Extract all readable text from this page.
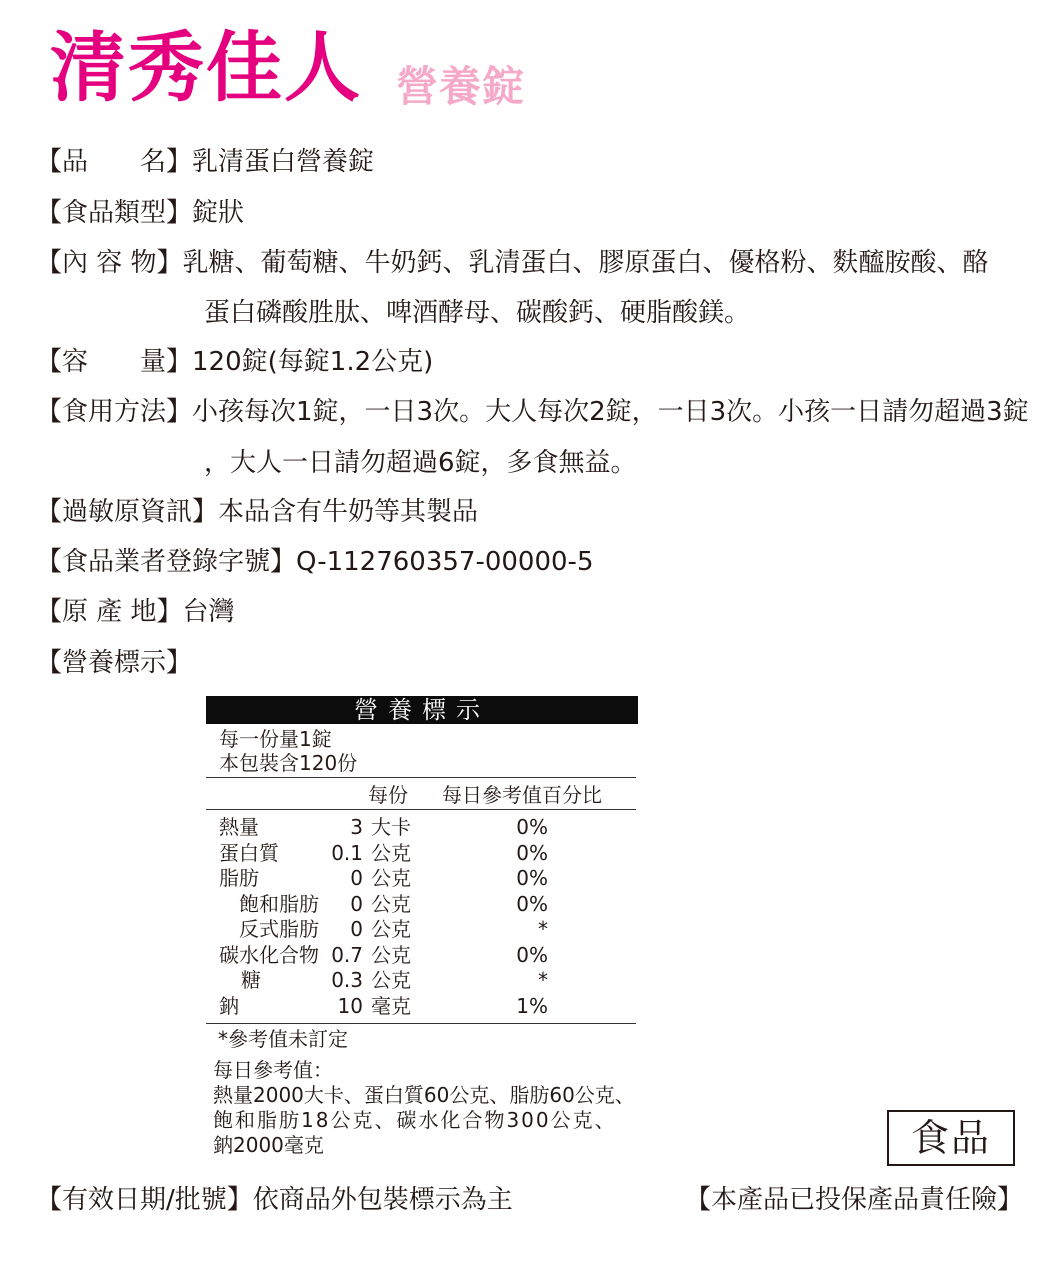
清秀佳人 營養錠
【品　　名】乳清蛋白營養錠
【食品類型】錠狀
【內 容 物】乳糖、葡萄糖、牛奶鈣、乳清蛋白、膠原蛋白、優格粉、麩醯胺酸、酪
蛋白磷酸胜肽、啤酒酵母、碳酸鈣、硬脂酸鎂。
【容　　量】120錠(每錠1.2公克)
【食用方法】小孩每次1錠，一日3次。大人每次2錠，一日3次。小孩一日請勿超過3錠
，大人一日請勿超過6錠，多食無益。
【過敏原資訊】本品含有牛奶等其製品
【食品業者登錄字號】Q-112760357-00000-5
【原 產 地】台灣
【營養標示】
營養標示
每一份量1錠
本包裝含120份
每份 每日參考值百分比
熱量	3 大卡	0%
蛋白質	0.1 公克	0%
脂肪	0 公克	0%
飽和脂肪 0 公克	0%
反式脂肪 0 公克	*
碳水化合物 0.7 公克	0%
糖	0.3 公克	*
鈉	10 毫克	1%
*參考值未訂定
每日參考值：
熱量2000大卡、蛋白質60公克、脂肪60公克、
飽和脂肪18公克、碳水化合物300公克、
鈉2000毫克	食品
【有效日期/批號】依商品外包裝標示為主	【本產品已投保產品責任險】
